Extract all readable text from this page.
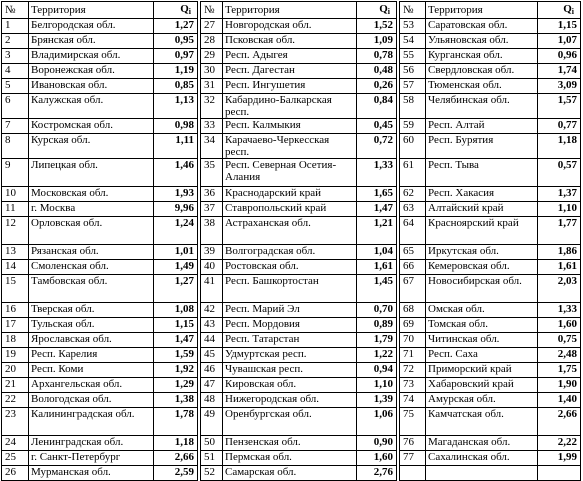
№	Территория	$Q_i$		№	Территория	$Q_i$		№	Территория	$Q_i$
1	Белгородская обл.	1,27		27	Новгородская обл.	1,52		53	Саратовская обл.	1,15
2	Брянская обл.	0,95		28	Псковская обл.	1,09		54	Ульяновская обл.	1,07
3	Владимирская обл.	0,97		29	Респ. Адыгея	0,78		55	Курганская обл.	0,96
4	Воронежская обл.	1,19		30	Респ. Дагестан	0,48		56	Свердловская обл.	1,74
5	Ивановская обл.	0,85		31	Респ. Ингушетия	0,26		57	Тюменская обл.	3,09
6	Калужская обл.	1,13		32	Кабардино-Балкарская респ.	0,84		58	Челябинская обл.	1,57
7	Костромская обл.	0,98		33	Респ. Калмыкия	0,45		59	Респ. Алтай	0,77
8	Курская обл.	1,11		34	Карачаево-Черкесская респ.	0,72		60	Респ. Бурятия	1,18
9	Липецкая обл.	1,46		35	Респ. Северная Осетия-Алания	1,33		61	Респ. Тыва	0,57
10	Московская обл.	1,93		36	Краснодарский край	1,65		62	Респ. Хакасия	1,37
11	г. Москва	9,96		37	Ставропольский край	1,47		63	Алтайский край	1,10
12	Орловская обл.	1,24		38	Астраханская обл.	1,21		64	Красноярский край	1,77
13	Рязанская обл.	1,01		39	Волгоградская обл.	1,04		65	Иркутская обл.	1,86
14	Смоленская обл.	1,49		40	Ростовская обл.	1,61		66	Кемеровская обл.	1,61
15	Тамбовская обл.	1,27		41	Респ. Башкортостан	1,45		67	Новосибирская обл.	2,03
16	Тверская обл.	1,08		42	Респ. Марий Эл	0,70		68	Омская обл.	1,33
17	Тульская обл.	1,15		43	Респ. Мордовия	0,89		69	Томская обл.	1,60
18	Ярославская обл.	1,47		44	Респ. Татарстан	1,79		70	Читинская обл.	0,75
19	Респ. Карелия	1,59		45	Удмуртская респ.	1,22		71	Респ. Саха	2,48
20	Респ. Коми	1,92		46	Чувашская респ.	0,94		72	Приморский край	1,75
21	Архангельская обл.	1,29		47	Кировская обл.	1,10		73	Хабаровский край	1,90
22	Вологодская обл.	1,38		48	Нижегородская обл.	1,39		74	Амурская обл.	1,40
23	Калининградская обл.	1,78		49	Оренбургская обл.	1,06		75	Камчатская обл.	2,66
24	Ленинградская обл.	1,18		50	Пензенская обл.	0,90		76	Магаданская обл.	2,22
25	г. Санкт-Петербург	2,66		51	Пермская обл.	1,60		77	Сахалинская обл.	1,99
26	Мурманская обл.	2,59		52	Самарская обл.	2,76				
